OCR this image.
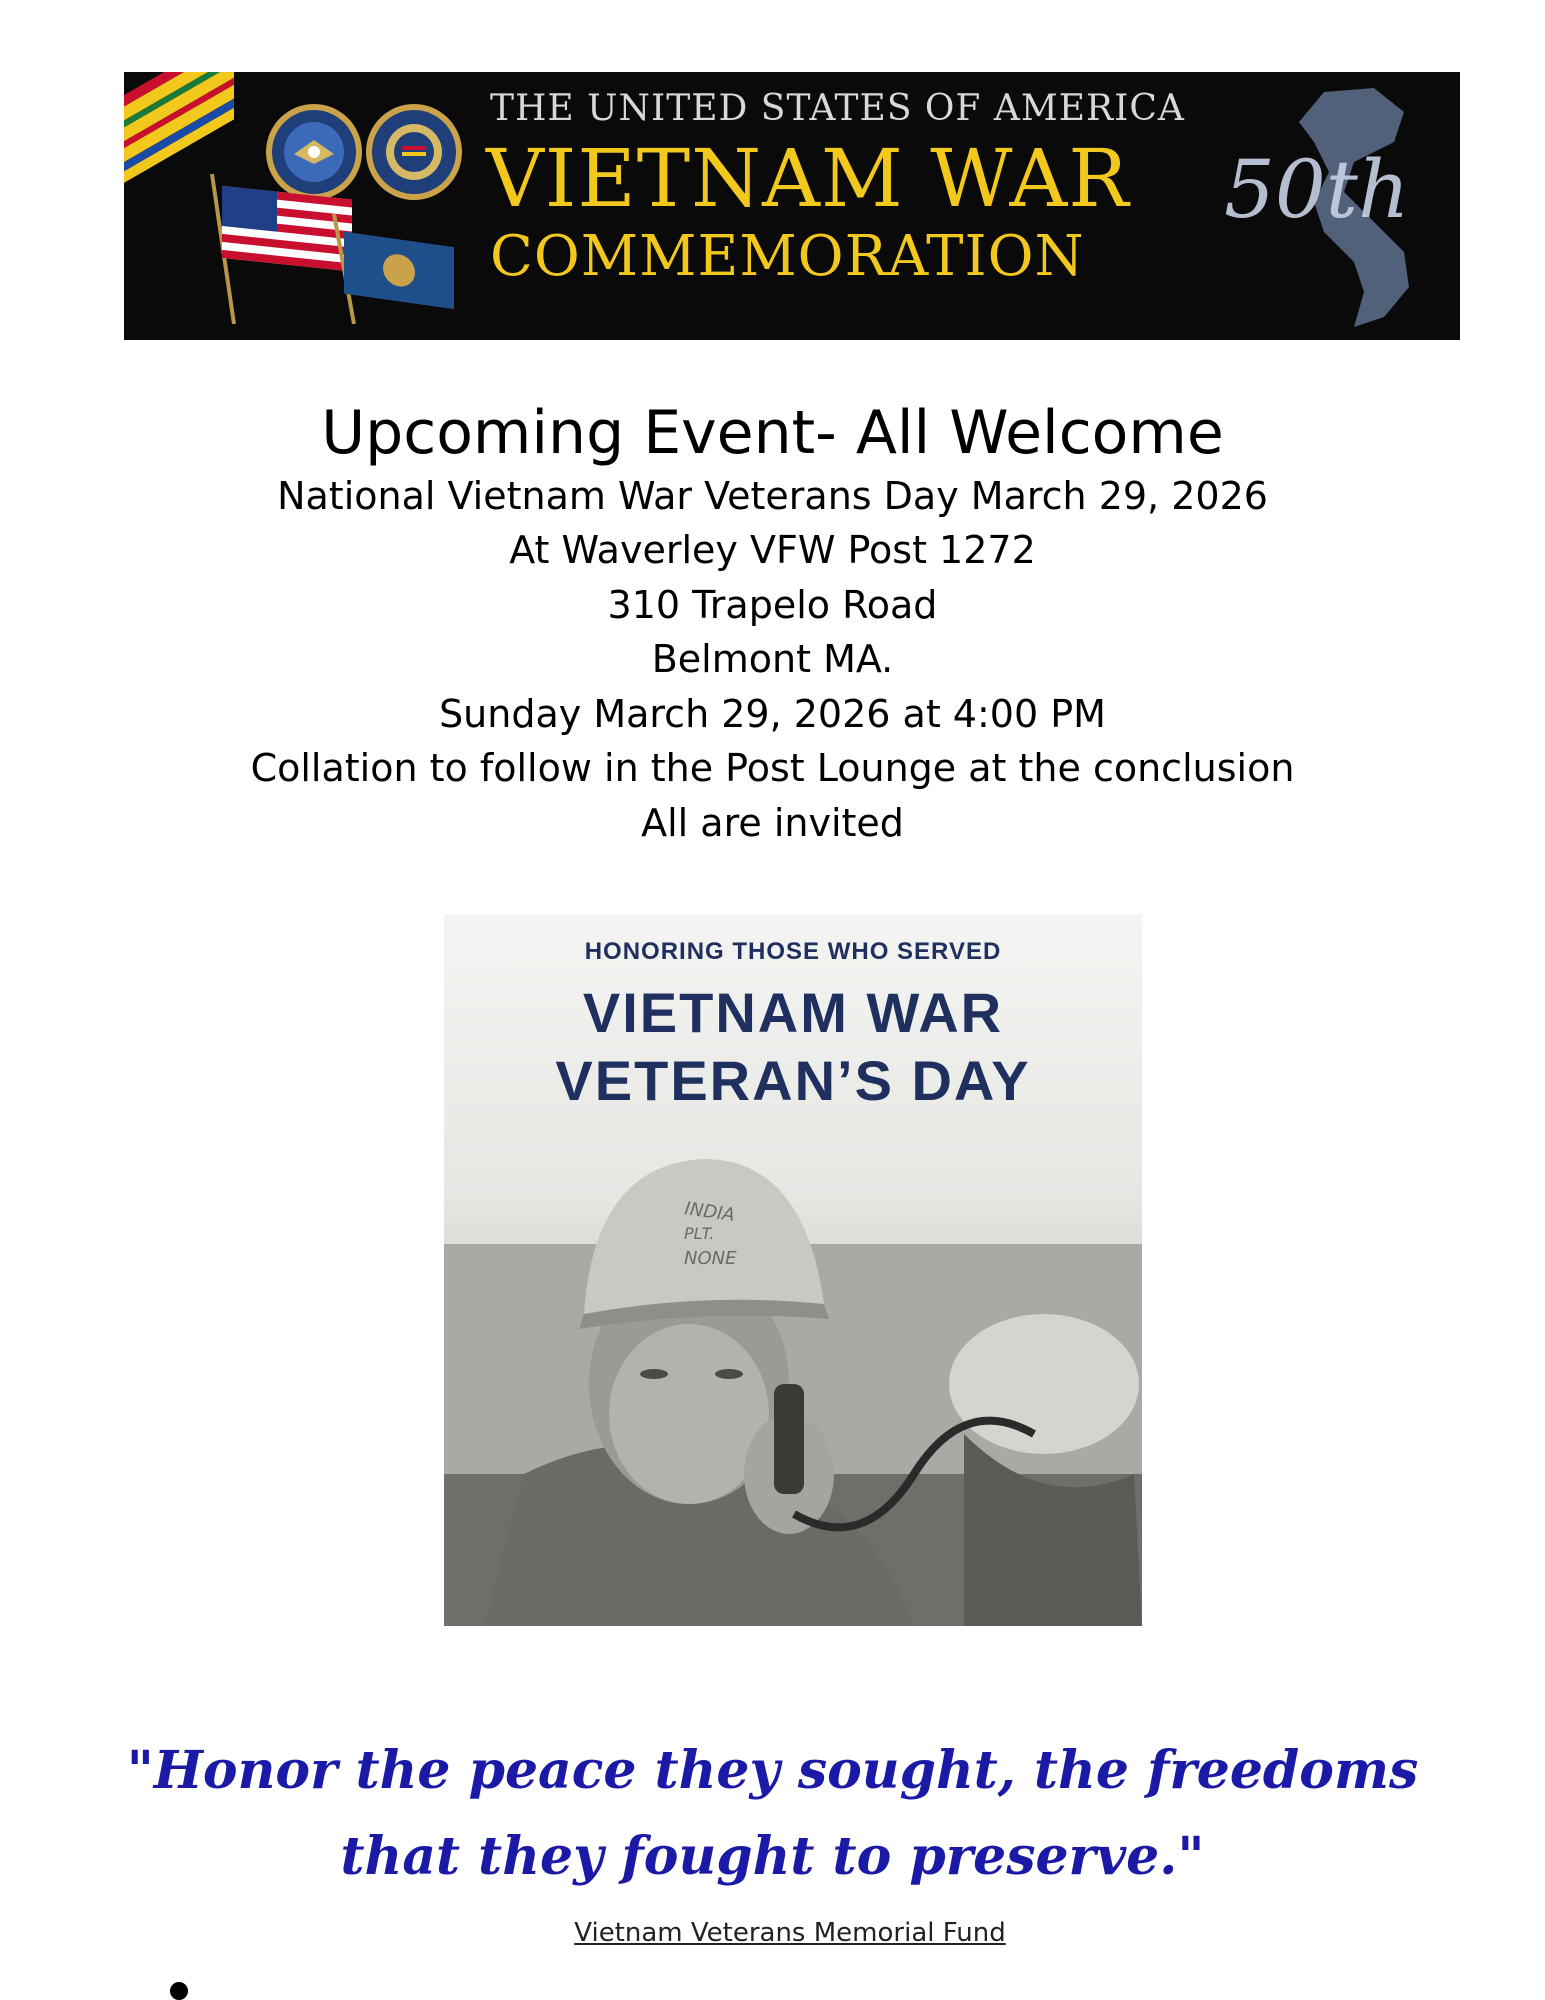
THE UNITED STATES OF AMERICA
VIETNAM WAR
COMMEMORATION
50th
Upcoming Event- All Welcome
National Vietnam War Veterans Day March 29, 2026
At Waverley VFW Post 1272
310 Trapelo Road
Belmont MA.
Sunday March 29, 2026 at 4:00 PM
Collation to follow in the Post Lounge at the conclusion
All are invited
INDIA
PLT.
NONE
HONORING THOSE WHO SERVED
VIETNAM WAR
VETERAN’S DAY
"Honor the peace they sought, the freedoms
that they fought to preserve."
Vietnam Veterans Memorial Fund
